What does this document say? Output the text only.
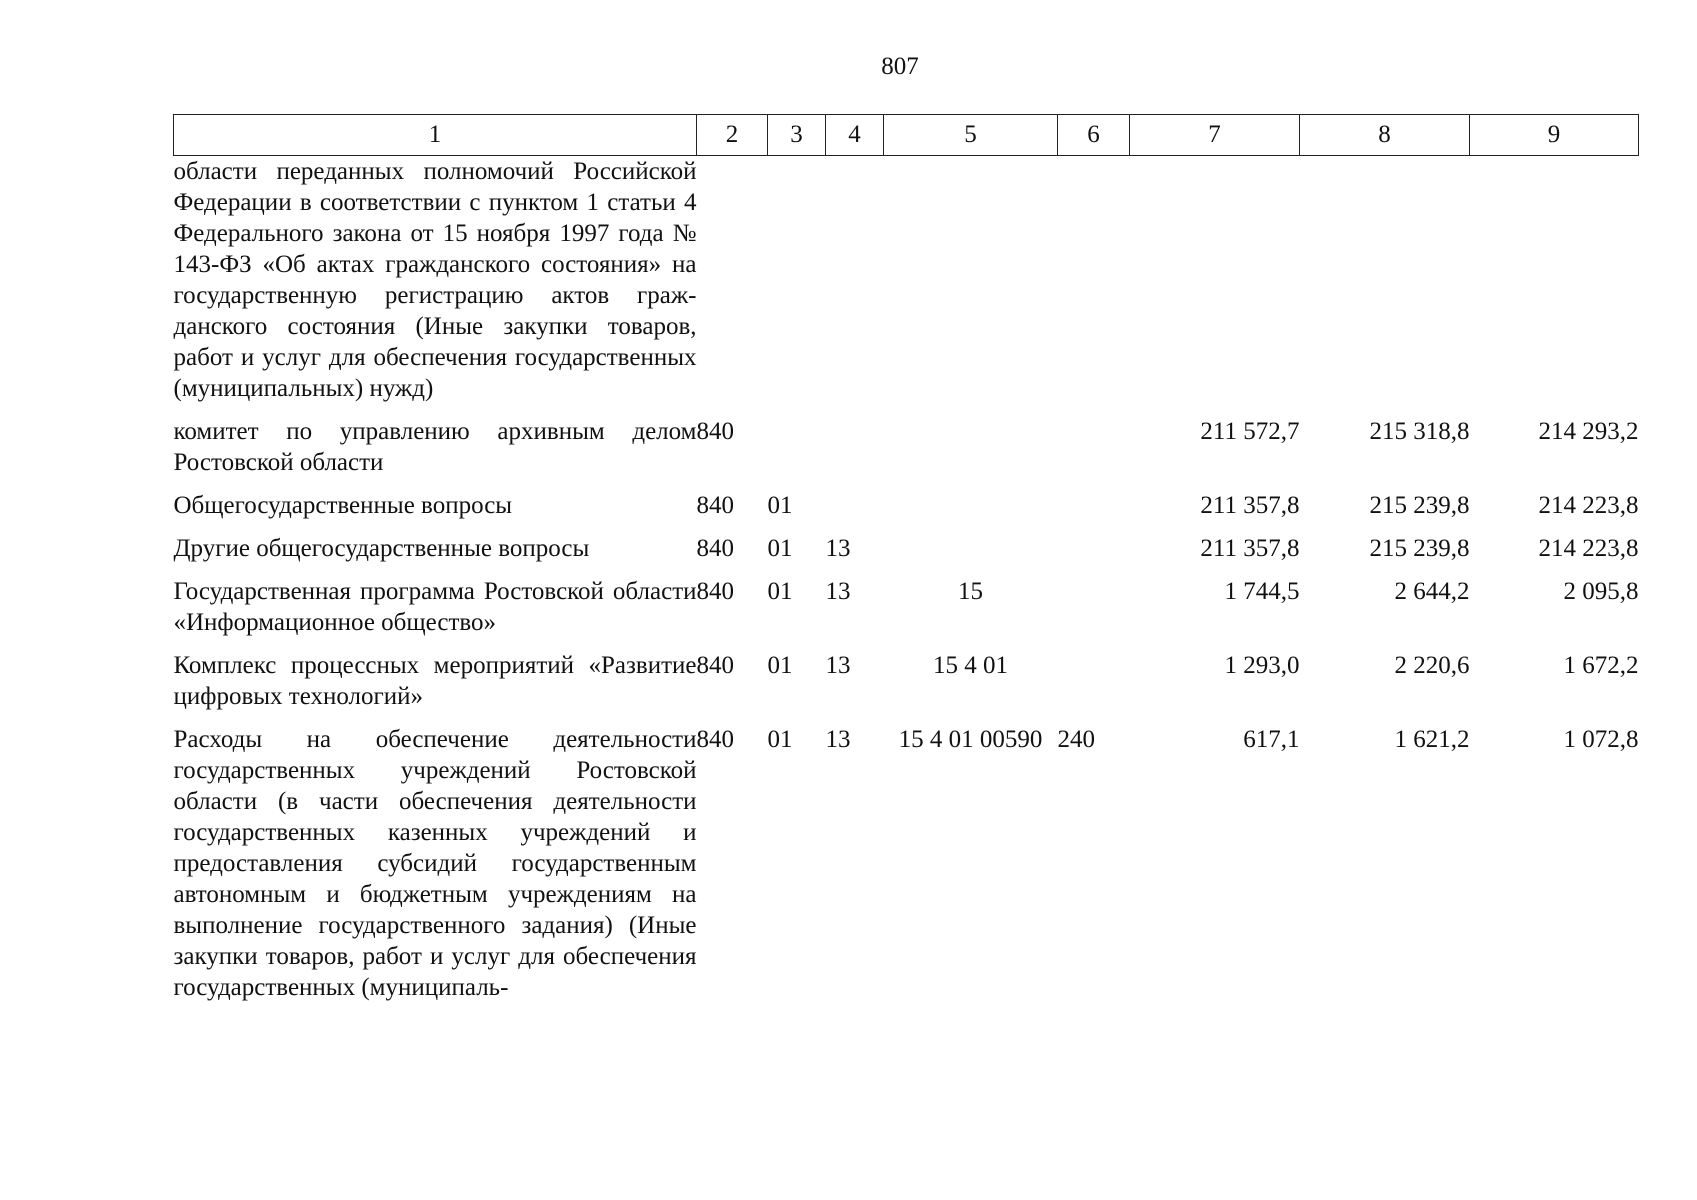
807
1	2	3	4	5	6	7	8	9
области переданных полномочий Российской Федерации в соответствии с пунктом 1 статьи 4 Федерального закона от 15 ноября 1997 года № 143-ФЗ «Об актах гражданского состояния» на государственную регистрацию актов гражданского состояния (Иные закупки товаров, работ и услуг для обеспечения государственных (муниципальных) нужд)								
комитет по управлению архивным делом Ростовской области	840					211 572,7	215 318,8	214 293,2
Общегосударственные вопросы	840	01				211 357,8	215 239,8	214 223,8
Другие общегосударственные вопросы	840	01	13			211 357,8	215 239,8	214 223,8
Государственная программа Ростовской области «Информационное общество»	840	01	13	15		1 744,5	2 644,2	2 095,8
Комплекс процессных мероприятий «Развитие цифровых технологий»	840	01	13	15 4 01		1 293,0	2 220,6	1 672,2
Расходы на обеспечение деятельности государственных учреждений Ростовской области (в части обеспечения деятельности государственных казенных учреждений и предоставления субсидий государственным автономным и бюджетным учреждениям на выполнение государственного задания) (Иные закупки товаров, работ и услуг для обеспечения государственных (муниципаль-	840	01	13	15 4 01 00590	240	617,1	1 621,2	1 072,8
